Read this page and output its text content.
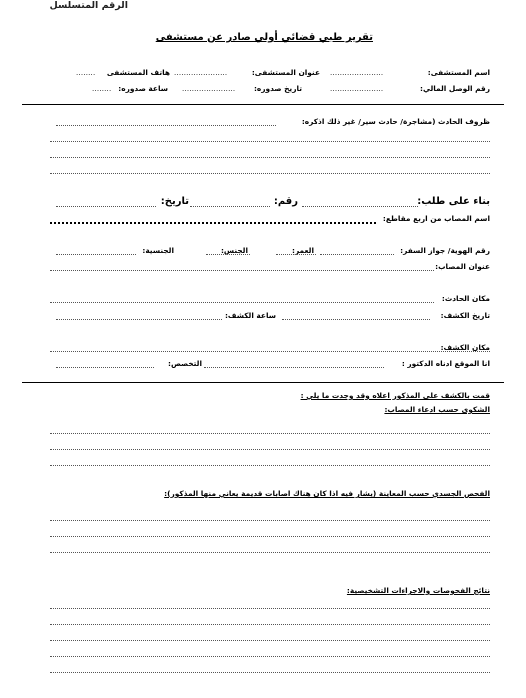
الرقم المتسلسل
تقرير طبي قضائي أولي صادر عن مستشفى
اسم المستشفى:
......................
عنوان المستشفى:
......................
هاتف المستشفى
........
رقم الوصل المالي:
......................
تاريخ صدوره:
......................
ساعة صدوره:
........
ظروف الحادث (مشاجرة/ حادث سير/ غير ذلك اذكره:
بناء على طلب:
رقم:
تاريخ:
اسم المصاب من اربع مقاطع:
رقم الهوية/ جواز السفر:
العمر:
الجنس:
الجنسية:
عنوان المصاب:
مكان الحادث:
تاريخ الكشف:
ساعة الكشف:
مكان الكشف:
انا الموقع ادناه الدكتور :
التخصص:
قمت بالكشف على المذكور اعلاه وقد وجدت ما يلي :
الشكوى حسب ادعاء المصاب:
الفحص الجسدي حسب المعاينة (يشار فيه اذا كان هناك اصابات قديمة يعاني منها المذكور):
نتائج الفحوصات والاجراءات التشخيصية:
